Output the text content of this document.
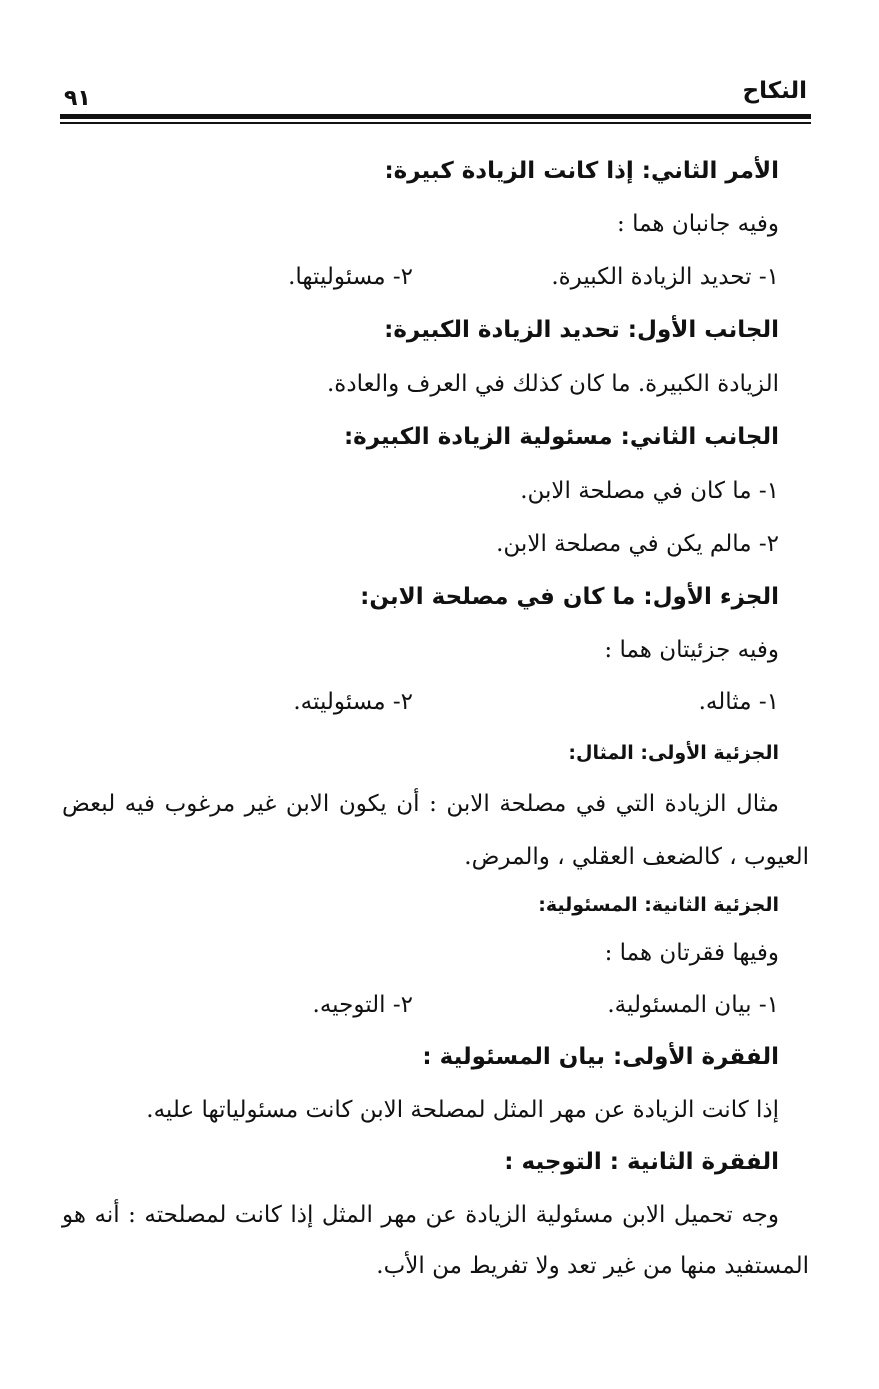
النكاح
٩١
الأمر الثاني: إذا كانت الزيادة كبيرة:
وفيه جانبان هما :
١- تحديد الزيادة الكبيرة.
٢- مسئوليتها.
الجانب الأول: تحديد الزيادة الكبيرة:
الزيادة الكبيرة. ما كان كذلك في العرف والعادة.
الجانب الثاني: مسئولية الزيادة الكبيرة:
١- ما كان في مصلحة الابن.
٢- مالم يكن في مصلحة الابن.
الجزء الأول: ما كان في مصلحة الابن:
وفيه جزئيتان هما :
١- مثاله.
٢- مسئوليته.
الجزئية الأولى: المثال:
مثال الزيادة التي في مصلحة الابن : أن يكون الابن غير مرغوب فيه لبعض
العيوب ، كالضعف العقلي ، والمرض.
الجزئية الثانية: المسئولية:
وفيها فقرتان هما :
١- بيان المسئولية.
٢- التوجيه.
الفقرة الأولى: بيان المسئولية :
إذا كانت الزيادة عن مهر المثل لمصلحة الابن كانت مسئولياتها عليه.
الفقرة الثانية : التوجيه :
وجه تحميل الابن مسئولية الزيادة عن مهر المثل إذا كانت لمصلحته : أنه هو
المستفيد منها من غير تعد ولا تفريط من الأب.
